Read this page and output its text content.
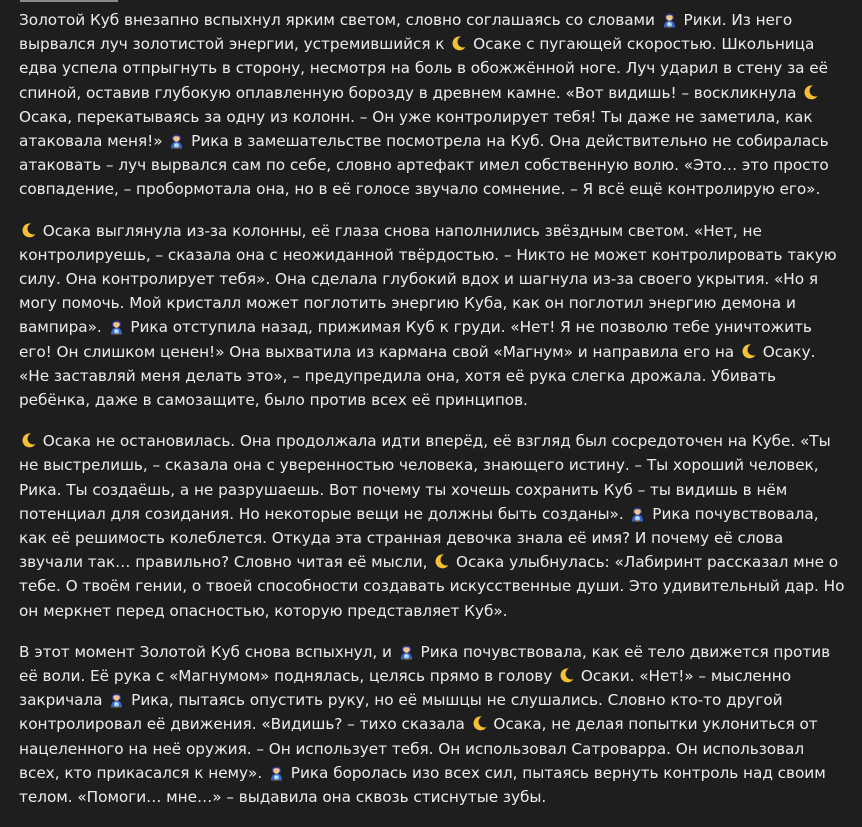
Золотой Куб внезапно вспыхнул ярким светом, словно соглашаясь со словами
Рики. Из него вырвался луч золотистой энергии, устремившийся к
Осаке с пугающей скоростью. Школьница едва успела отпрыгнуть в сторону, несмотря на боль в обожжённой ноге. Луч ударил в стену за её спиной, оставив глубокую оплавленную борозду в древнем камне. «Вот видишь! – воскликнула
Осака, перекатываясь за одну из колонн. – Он уже контролирует тебя! Ты даже не заметила, как атаковала меня!»
Рика в замешательстве посмотрела на Куб. Она действительно не собиралась атаковать – луч вырвался сам по себе, словно артефакт имел собственную волю. «Это… это просто совпадение, – пробормотала она, но в её голосе звучало сомнение. – Я всё ещё контролирую его».

Осака выглянула из-за колонны, её глаза снова наполнились звёздным светом. «Нет, не контролируешь, – сказала она с неожиданной твёрдостью. – Никто не может контролировать такую силу. Она контролирует тебя». Она сделала глубокий вдох и шагнула из-за своего укрытия. «Но я могу помочь. Мой кристалл может поглотить энергию Куба, как он поглотил энергию демона и вампира».
Рика отступила назад, прижимая Куб к груди. «Нет! Я не позволю тебе уничтожить его! Он слишком ценен!» Она выхватила из кармана свой «Магнум» и направила его на
Осаку. «Не заставляй меня делать это», – предупредила она, хотя её рука слегка дрожала. Убивать ребёнка, даже в самозащите, было против всех её принципов.

Осака не остановилась. Она продолжала идти вперёд, её взгляд был сосредоточен на Кубе. «Ты не выстрелишь, – сказала она с уверенностью человека, знающего истину. – Ты хороший человек, Рика. Ты создаёшь, а не разрушаешь. Вот почему ты хочешь сохранить Куб – ты видишь в нём потенциал для созидания. Но некоторые вещи не должны быть созданы».
Рика почувствовала, как её решимость колеблется. Откуда эта странная девочка знала её имя? И почему её слова звучали так… правильно? Словно читая её мысли,
Осака улыбнулась: «Лабиринт рассказал мне о тебе. О твоём гении, о твоей способности создавать искусственные души. Это удивительный дар. Но он меркнет перед опасностью, которую представляет Куб».

В этот момент Золотой Куб снова вспыхнул, и
Рика почувствовала, как её тело движется против её воли. Её рука с «Магнумом» поднялась, целясь прямо в голову
Осаки. «Нет!» – мысленно закричала
Рика, пытаясь опустить руку, но её мышцы не слушались. Словно кто-то другой контролировал её движения. «Видишь? – тихо сказала
Осака, не делая попытки уклониться от нацеленного на неё оружия. – Он использует тебя. Он использовал Сатроварра. Он использовал всех, кто прикасался к нему».
Рика боролась изо всех сил, пытаясь вернуть контроль над своим телом. «Помоги… мне…» – выдавила она сквозь стиснутые зубы.
